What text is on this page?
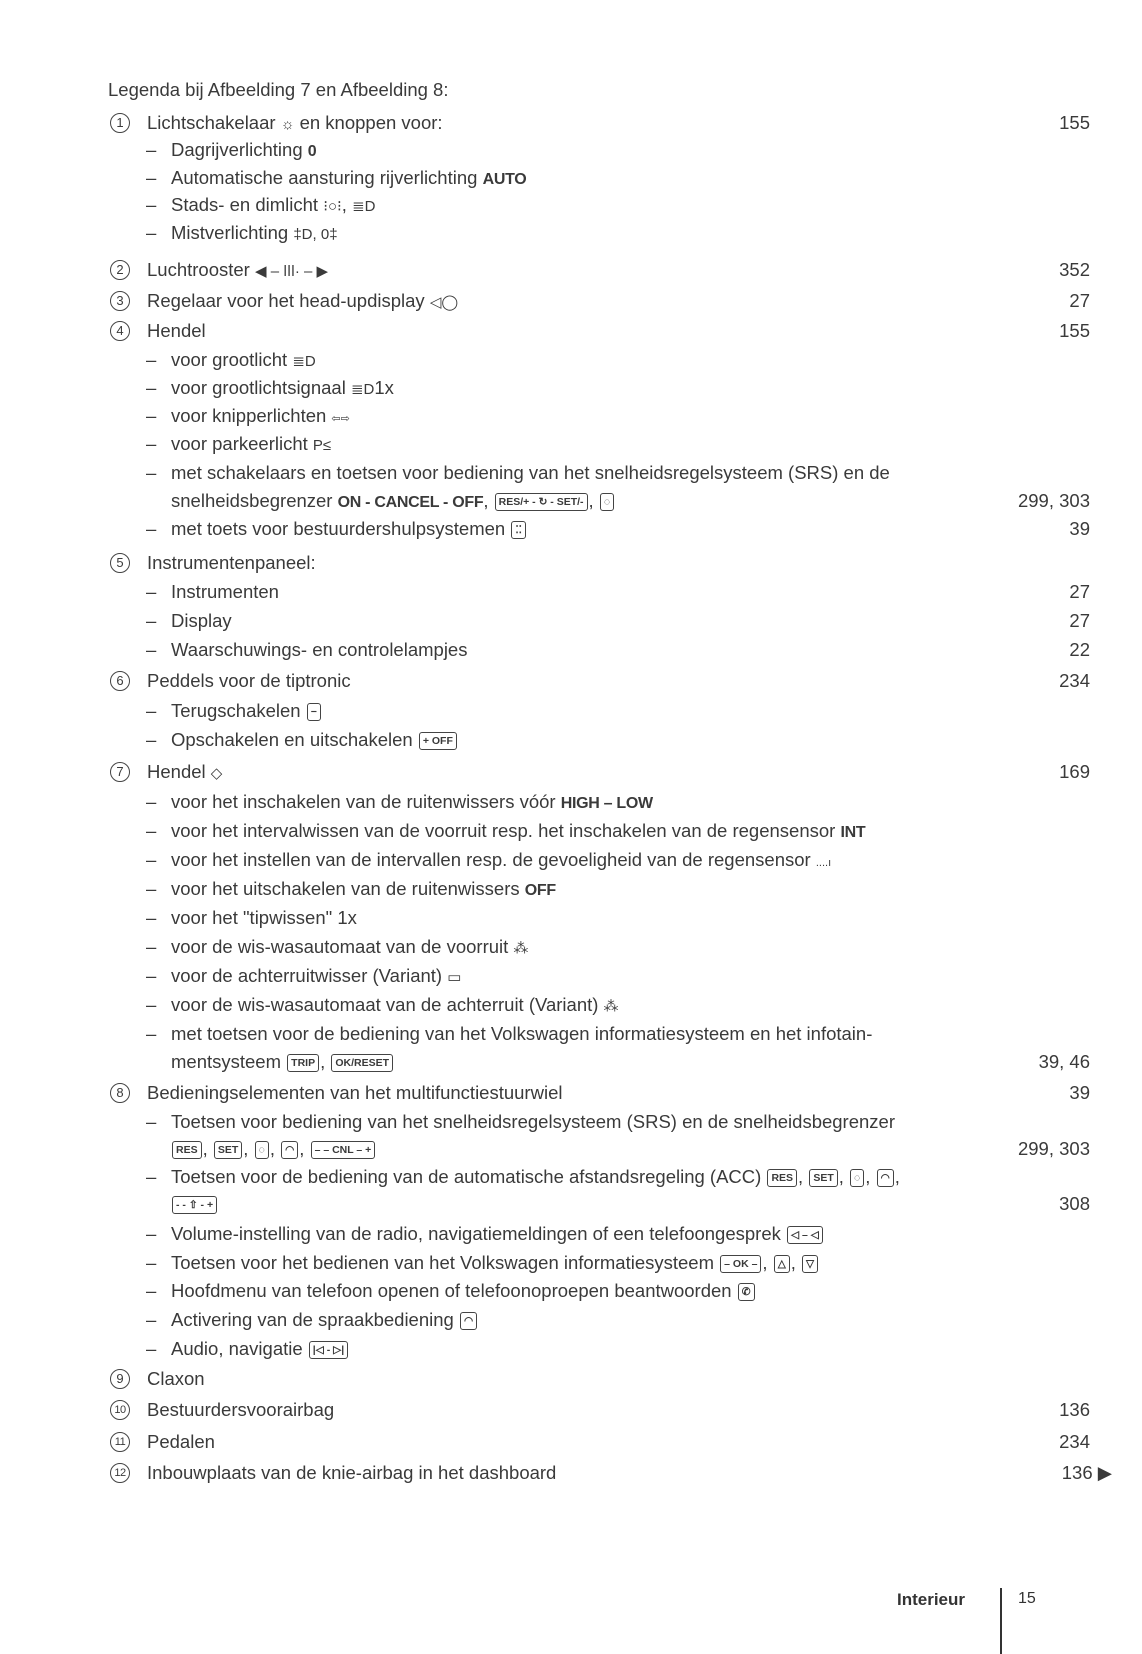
Legenda bij Afbeelding 7 en Afbeelding 8:
1	Lichtschakelaar ☼ en knoppen voor:	155
– Dagrijverlichting 0
– Automatische aansturing rijverlichting AUTO
– Stads- en dimlicht ⁝○⁝, ≣D
– Mistverlichting ‡D, 0‡
2	Luchtrooster ◀ – ǀǀǀ· – ▶	352
3	Regelaar voor het head-updisplay ◁◯	27
4	Hendel	155
– voor grootlicht ≣D
– voor grootlichtsignaal ≣D1x
– voor knipperlichten ⇦⇨
– voor parkeerlicht P≤
– met schakelaars en toetsen voor bediening van het snelheidsregelsysteem (SRS) en de
snelheidsbegrenzer ON - CANCEL - OFF, RES/+ - ↻ - SET/- , ◌	299, 303
– met toets voor bestuurdershulpsystemen ⁚⁚	39
5	Instrumentenpaneel:
– Instrumenten	27
– Display	27
– Waarschuwings- en controlelampjes	22
6	Peddels voor de tiptronic	234
– Terugschakelen −
– Opschakelen en uitschakelen + OFF
7	Hendel ◇	169
– voor het inschakelen van de ruitenwissers vóór HIGH – LOW
– voor het intervalwissen van de voorruit resp. het inschakelen van de regensensor INT
– voor het instellen van de intervallen resp. de gevoeligheid van de regensensor ....ı
– voor het uitschakelen van de ruitenwissers OFF
– voor het "tipwissen" 1x
– voor de wis-wasautomaat van de voorruit ⁂
– voor de achterruitwisser (Variant) ▭
– voor de wis-wasautomaat van de achterruit (Variant) ⁂
– met toetsen voor de bediening van het Volkswagen informatiesysteem en het infotain-
mentsysteem TRIP , OK/RESET	39, 46
8	Bedieningselementen van het multifunctiestuurwiel	39
– Toetsen voor bediening van het snelheidsregelsysteem (SRS) en de snelheidsbegrenzer
RES , SET , ◌ , ◠ , – – CNL – +	299, 303
– Toetsen voor de bediening van de automatische afstandsregeling (ACC) RES , SET , ◌ , ◠ ,
- - ⇧ - +	308
– Volume-instelling van de radio, navigatiemeldingen of een telefoongesprek ◁ – ◁
– Toetsen voor het bedienen van het Volkswagen informatiesysteem – OK – , △ , ▽
– Hoofdmenu van telefoon openen of telefoonoproepen beantwoorden ✆
– Activering van de spraakbediening ◠
– Audio, navigatie |◁ - ▷|
9	Claxon
10 Bestuurdersvoorairbag	136
11 Pedalen	234
12 Inbouwplaats van de knie-airbag in het dashboard	136 ▶
Interieur	15
